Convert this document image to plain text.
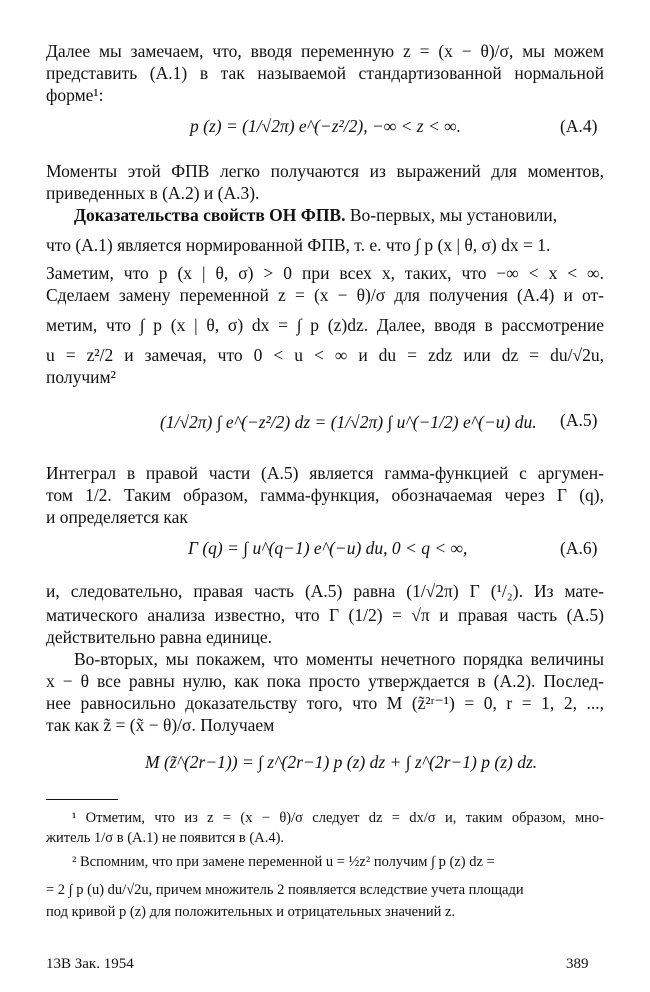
Далее мы замечаем, что, вводя переменную z = (x − θ)/σ, мы можем
представить (А.1) в так называемой стандартизованной нормальной
форме¹:
p (z) = (1/√2π) e^(−z²/2), −∞ < z < ∞.	(А.4)
Моменты этой ФПВ легко получаются из выражений для моментов,
приведенных в (А.2) и (А.3).
Доказательства свойств ОН ФПВ. Во-первых, мы установили,
что (А.1) является нормированной ФПВ, т. е. что ∫ p (x | θ, σ) dx = 1.
Заметим, что p (x | θ, σ) > 0 при всех x, таких, что −∞ < x < ∞.
Сделаем замену переменной z = (x − θ)/σ для получения (А.4) и от-
метим, что ∫ p (x | θ, σ) dx = ∫ p (z)dz. Далее, вводя в рассмотрение
u = z²/2 и замечая, что 0 < u < ∞ и du = zdz или dz = du/√2u,
получим²
(1/√2π) ∫ e^(−z²/2) dz = (1/√2π) ∫ u^(−1/2) e^(−u) du.	(А.5)
Интеграл в правой части (А.5) является гамма-функцией с аргумен-
том 1/2. Таким образом, гамма-функция, обозначаемая через Γ (q),
и определяется как
Γ (q) = ∫ u^(q−1) e^(−u) du, 0 < q < ∞,	(А.6)
и, следовательно, правая часть (А.5) равна (1/√2π) Γ (¹/₂). Из мате-
матического анализа известно, что Γ (1/2) = √π и правая часть (А.5)
действительно равна единице.
Во-вторых, мы покажем, что моменты нечетного порядка величины
x − θ все равны нулю, как пока просто утверждается в (А.2). Послед-
нее равносильно доказательству того, что M (z̃²ʳ⁻¹) = 0, r = 1, 2, ...,
так как z̃ = (x̃ − θ)/σ. Получаем
M (z̃^(2r−1)) = ∫ z^(2r−1) p (z) dz + ∫ z^(2r−1) p (z) dz.
¹ Отметим, что из z = (x − θ)/σ следует dz = dx/σ и, таким образом, мно-
житель 1/σ в (А.1) не появится в (А.4).
² Вспомним, что при замене переменной u = ½z² получим ∫ p (z) dz =
= 2 ∫ p (u) du/√2u, причем множитель 2 появляется вследствие учета площади
под кривой p (z) для положительных и отрицательных значений z.
13В Зак. 1954	389
